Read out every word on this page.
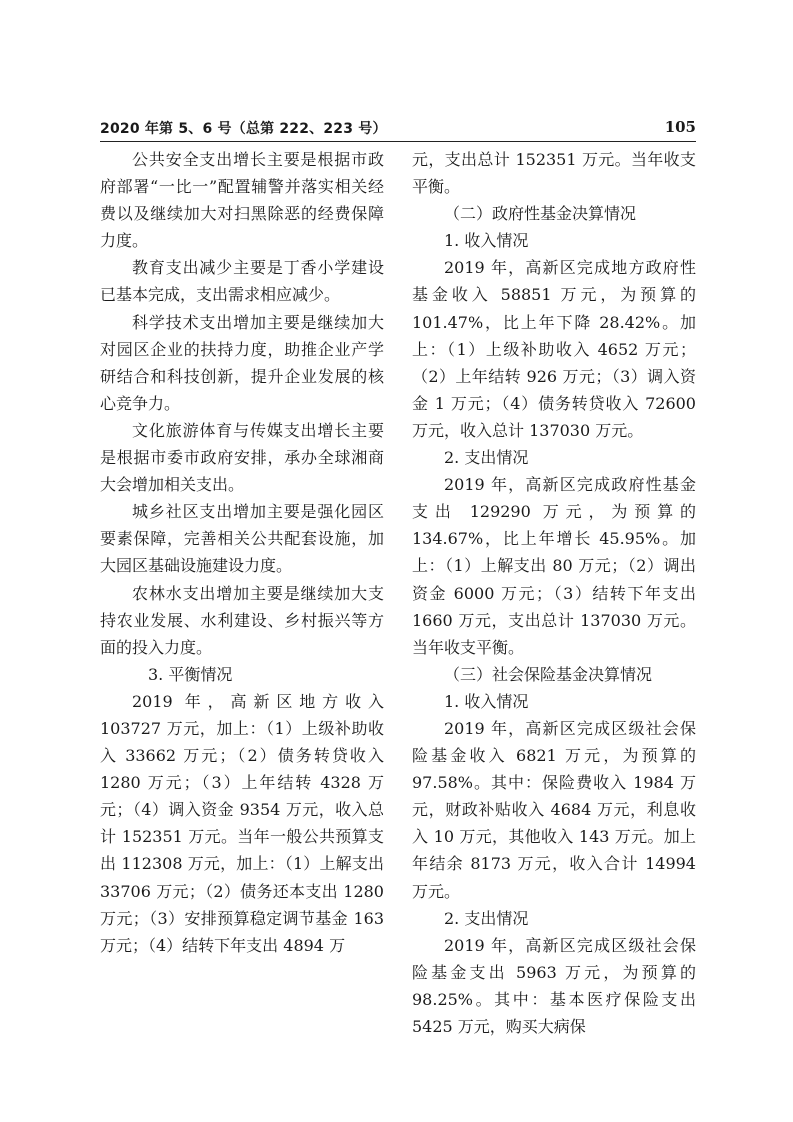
2020 年第 5、6 号（总第 222、223 号）	105

公共安全支出增长主要是根据市政府部署“一比一”配置辅警并落实相关经费以及继续加大对扫黑除恶的经费保障力度。

教育支出减少主要是丁香小学建设已基本完成，支出需求相应减少。

科学技术支出增加主要是继续加大对园区企业的扶持力度，助推企业产学研结合和科技创新，提升企业发展的核心竞争力。

文化旅游体育与传媒支出增长主要是根据市委市政府安排，承办全球湘商大会增加相关支出。

城乡社区支出增加主要是强化园区要素保障，完善相关公共配套设施，加大园区基础设施建设力度。

农林水支出增加主要是继续加大支持农业发展、水利建设、乡村振兴等方面的投入力度。

3. 平衡情况

2019 年，高新区地方收入 103727 万元，加上：（1）上级补助收入 33662 万元；（2）债务转贷收入 1280 万元；（3）上年结转 4328 万元；（4）调入资金 9354 万元，收入总计 152351 万元。当年一般公共预算支出 112308 万元，加上：（1）上解支出 33706 万元；（2）债务还本支出 1280 万元；（3）安排预算稳定调节基金 163 万元；（4）结转下年支出 4894 万

元，支出总计 152351 万元。当年收支平衡。

（二）政府性基金决算情况

1. 收入情况

2019 年，高新区完成地方政府性基金收入 58851 万元，为预算的 101.47%，比上年下降 28.42%。加上：（1）上级补助收入 4652 万元；（2）上年结转 926 万元；（3）调入资金 1 万元；（4）债务转贷收入 72600 万元，收入总计 137030 万元。

2. 支出情况

2019 年，高新区完成政府性基金支出 129290 万元，为预算的 134.67%，比上年增长 45.95%。加上：（1）上解支出 80 万元；（2）调出资金 6000 万元；（3）结转下年支出 1660 万元，支出总计 137030 万元。当年收支平衡。

（三）社会保险基金决算情况

1. 收入情况

2019 年，高新区完成区级社会保险基金收入 6821 万元，为预算的 97.58%。其中：保险费收入 1984 万元，财政补贴收入 4684 万元，利息收入 10 万元，其他收入 143 万元。加上年结余 8173 万元，收入合计 14994 万元。

2. 支出情况

2019 年，高新区完成区级社会保险基金支出 5963 万元，为预算的 98.25%。其中：基本医疗保险支出 5425 万元，购买大病保
